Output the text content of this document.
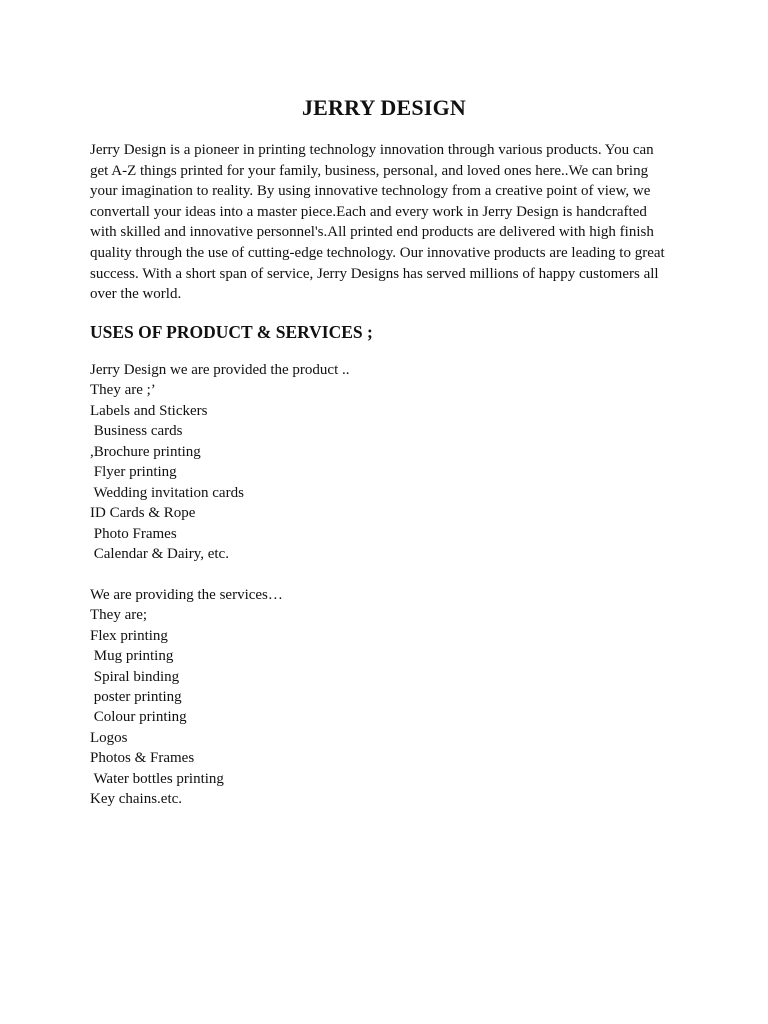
JERRY DESIGN

Jerry Design is a pioneer in printing technology innovation through various products. You can
get A-Z things printed for your family, business, personal, and loved ones here..We can bring
your imagination to reality. By using innovative technology from a creative point of view, we
convertall your ideas into a master piece.Each and every work in Jerry Design is handcrafted
with skilled and innovative personnel's.All printed end products are delivered with high finish
quality through the use of cutting-edge technology. Our innovative products are leading to great
success. With a short span of service, Jerry Designs has served millions of happy customers all
over the world.

USES OF PRODUCT & SERVICES ;
Jerry Design we are provided the product ..
They are ;’
Labels and Stickers
Business cards
,Brochure printing
Flyer printing
Wedding invitation cards
ID Cards & Rope
Photo Frames
Calendar & Dairy, etc.
We are providing the services…
They are;
Flex printing
Mug printing
Spiral binding
poster printing
Colour printing
Logos
Photos & Frames
Water bottles printing
Key chains.etc.
